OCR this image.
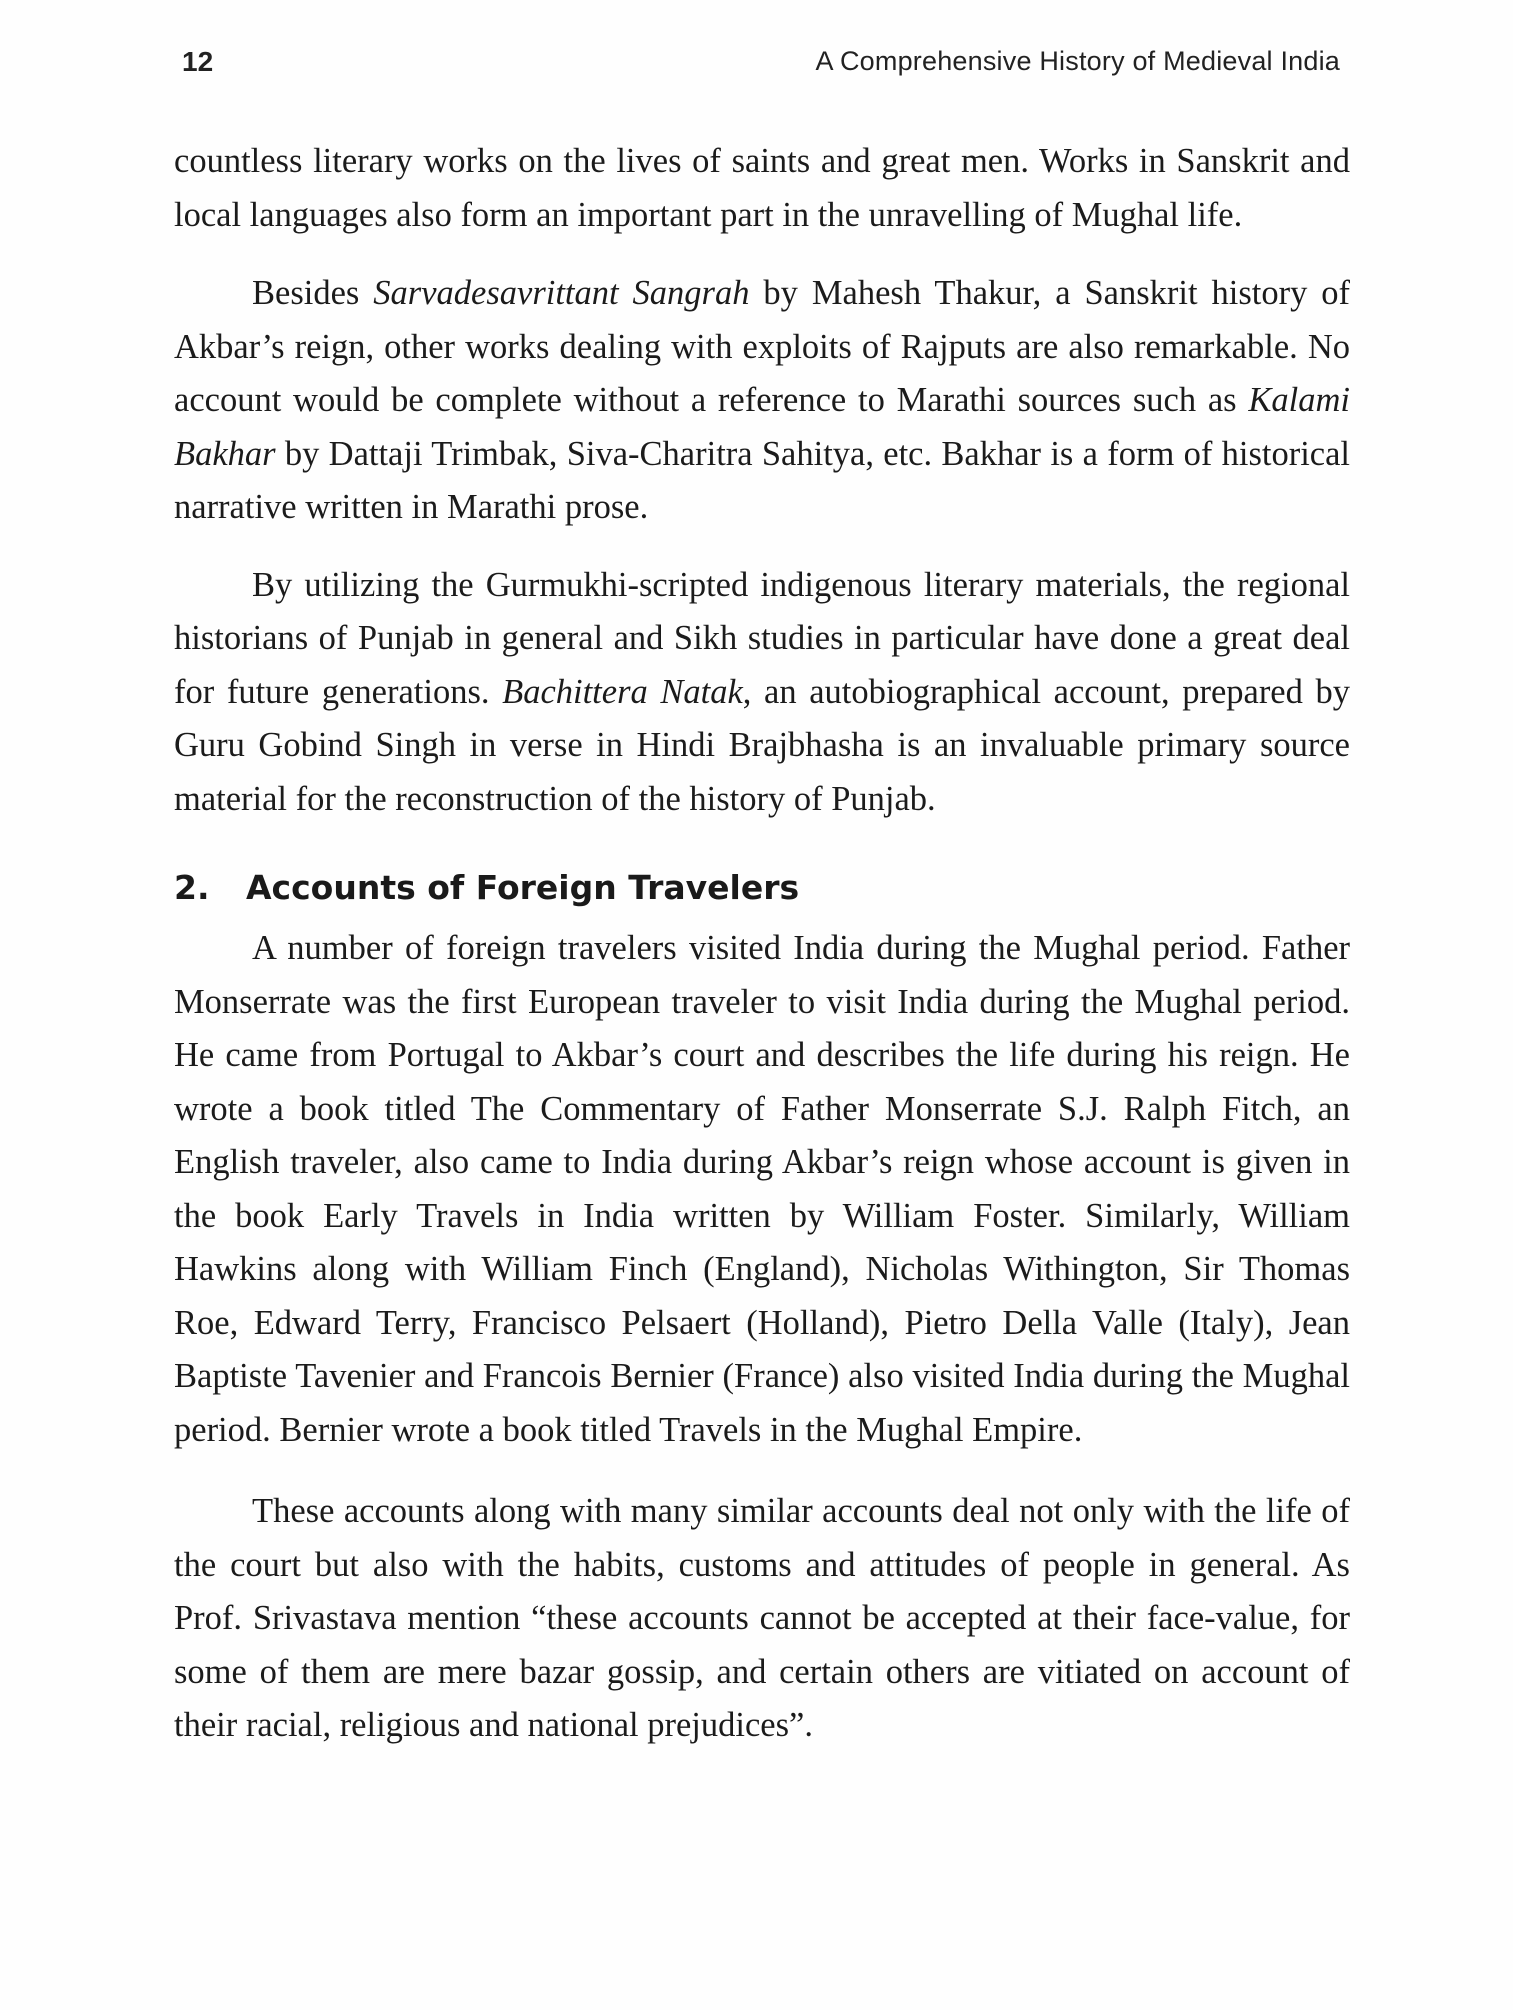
12	A Comprehensive History of Medieval India

countless literary works on the lives of saints and great men. Works in Sanskrit and local languages also form an important part in the unravelling of Mughal life.

Besides Sarvadesavrittant Sangrah by Mahesh Thakur, a Sanskrit history of Akbar’s reign, other works dealing with exploits of Rajputs are also remarkable. No account would be complete without a reference to Marathi sources such as Kalami Bakhar by Dattaji Trimbak, Siva-Charitra Sahitya, etc. Bakhar is a form of historical narrative written in Marathi prose.

By utilizing the Gurmukhi-scripted indigenous literary materials, the regional historians of Punjab in general and Sikh studies in particular have done a great deal for future generations. Bachittera Natak, an autobiographical account, prepared by Guru Gobind Singh in verse in Hindi Brajbhasha is an invaluable primary source material for the reconstruction of the history of Punjab.

2. Accounts of Foreign Travelers

A number of foreign travelers visited India during the Mughal period. Father Monserrate was the first European traveler to visit India during the Mughal period. He came from Portugal to Akbar’s court and describes the life during his reign. He wrote a book titled The Commentary of Father Monserrate S.J. Ralph Fitch, an English traveler, also came to India during Akbar’s reign whose account is given in the book Early Travels in India written by William Foster. Similarly, William Hawkins along with William Finch (England), Nicholas Withington, Sir Thomas Roe, Edward Terry, Francisco Pelsaert (Holland), Pietro Della Valle (Italy), Jean Baptiste Tavenier and Francois Bernier (France) also visited India during the Mughal period. Bernier wrote a book titled Travels in the Mughal Empire.

These accounts along with many similar accounts deal not only with the life of the court but also with the habits, customs and attitudes of people in general. As Prof. Srivastava mention “these accounts cannot be accepted at their face-value, for some of them are mere bazar gossip, and certain others are vitiated on account of their racial, religious and national prejudices”.
